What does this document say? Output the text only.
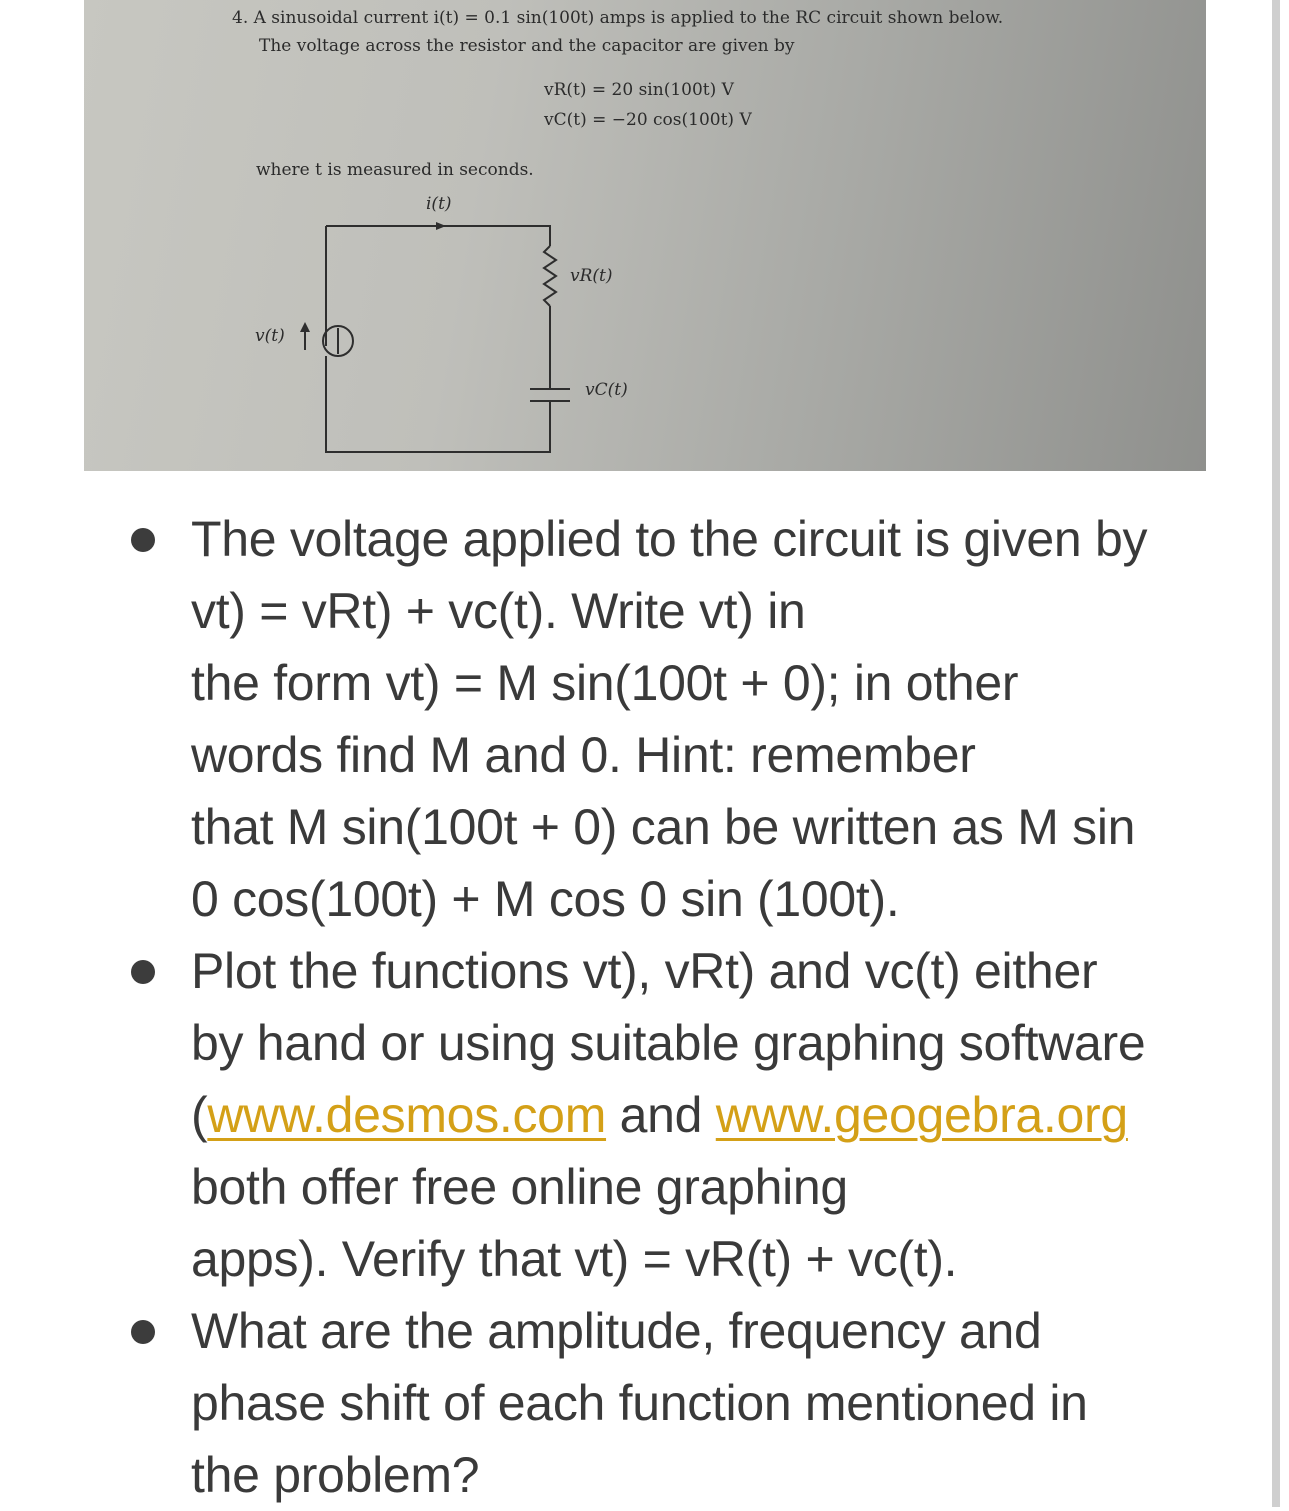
4. A sinusoidal current i(t) = 0.1 sin(100t) amps is applied to the RC circuit shown below.
The voltage across the resistor and the capacitor are given by
vR(t) = 20 sin(100t) V
vC(t) = −20 cos(100t) V
where t is measured in seconds.
i(t)
vR(t)
v(t)
vC(t)
The voltage applied to the circuit is given by
vt) = vRt) + vc(t). Write vt) in
the form vt) = M sin(100t + 0); in other
words find M and 0. Hint: remember
that M sin(100t + 0) can be written as M sin
0 cos(100t) + M cos 0 sin (100t).
Plot the functions vt), vRt) and vc(t) either
by hand or using suitable graphing software
(www.desmos.com and www.geogebra.org
both offer free online graphing
apps). Verify that vt) = vR(t) + vc(t).
What are the amplitude, frequency and
phase shift of each function mentioned in
the problem?
